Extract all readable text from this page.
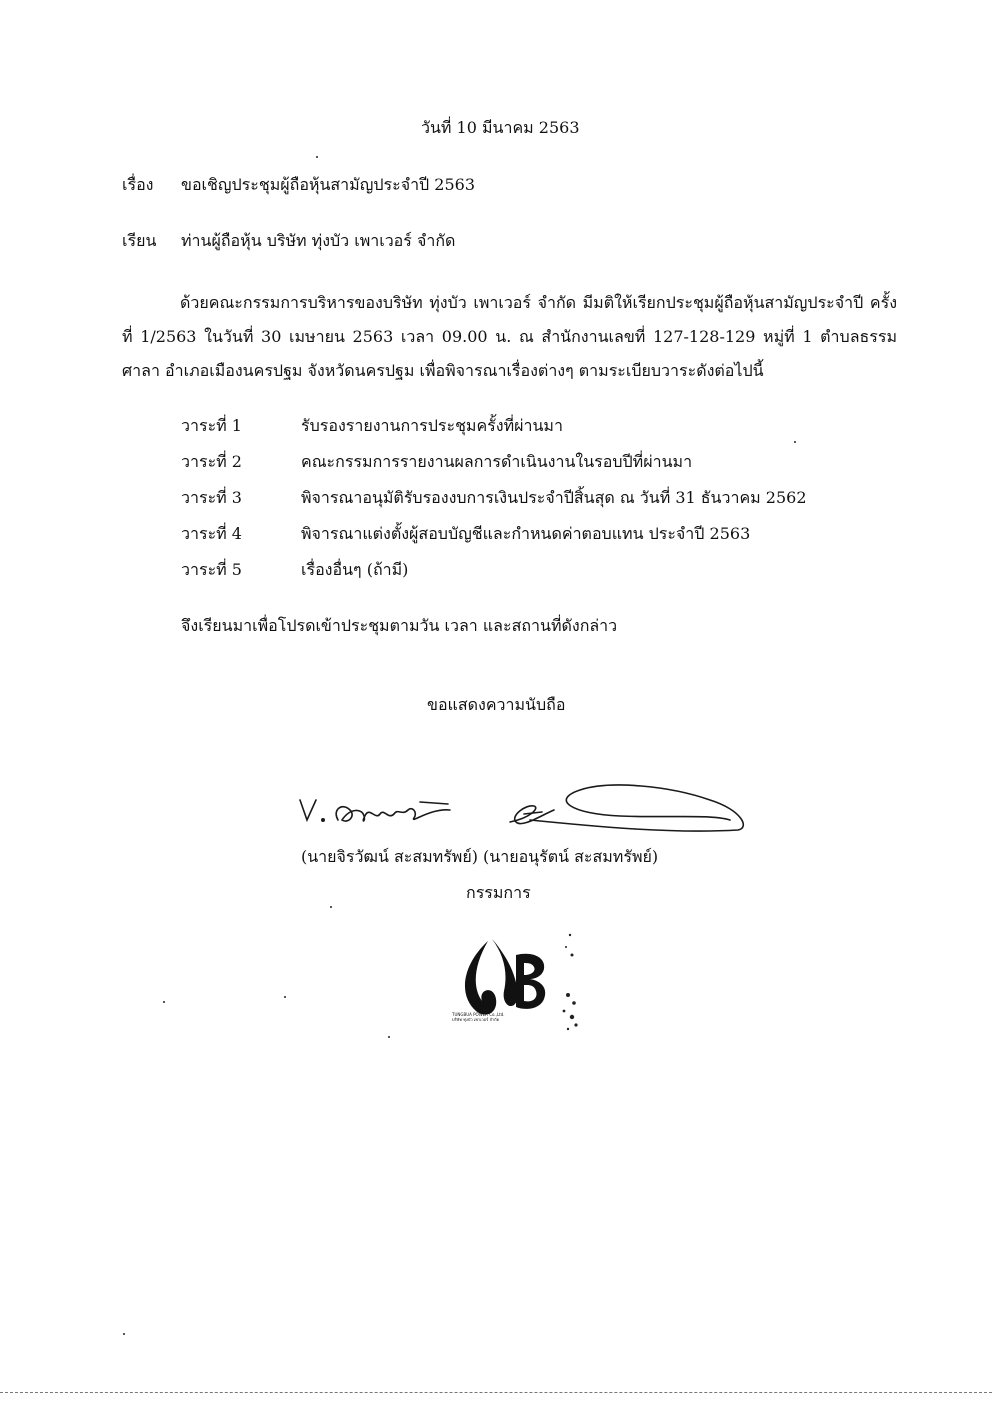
วันที่ 10 มีนาคม 2563
เรื่อง ขอเชิญประชุมผู้ถือหุ้นสามัญประจำปี 2563
เรียน ท่านผู้ถือหุ้น บริษัท ทุ่งบัว เพาเวอร์ จำกัด
ด้วยคณะกรรมการบริหารของบริษัท ทุ่งบัว เพาเวอร์ จำกัด มีมติให้เรียกประชุมผู้ถือหุ้นสามัญประจำปี ครั้งที่ 1/2563 ในวันที่ 30 เมษายน 2563 เวลา 09.00 น. ณ สำนักงานเลขที่ 127-128-129 หมู่ที่ 1 ตำบลธรรมศาลา อำเภอเมืองนครปฐม จังหวัดนครปฐม เพื่อพิจารณาเรื่องต่างๆ ตามระเบียบวาระดังต่อไปนี้
วาระที่ 1	รับรองรายงานการประชุมครั้งที่ผ่านมา
วาระที่ 2	คณะกรรมการรายงานผลการดำเนินงานในรอบปีที่ผ่านมา
วาระที่ 3	พิจารณาอนุมัติรับรองงบการเงินประจำปีสิ้นสุด ณ วันที่ 31 ธันวาคม 2562
วาระที่ 4	พิจารณาแต่งตั้งผู้สอบบัญชีและกำหนดค่าตอบแทน ประจำปี 2563
วาระที่ 5	เรื่องอื่นๆ (ถ้ามี)
จึงเรียนมาเพื่อโปรดเข้าประชุมตามวัน เวลา และสถานที่ดังกล่าว
ขอแสดงความนับถือ
(นายจิรวัฒน์ สะสมทรัพย์) (นายอนุรัตน์ สะสมทรัพย์)
กรรมการ
TUNGBUA POWER Co.,Ltd.
บริษัท ทุ่งบัว เพาเวอร์ จำกัด
